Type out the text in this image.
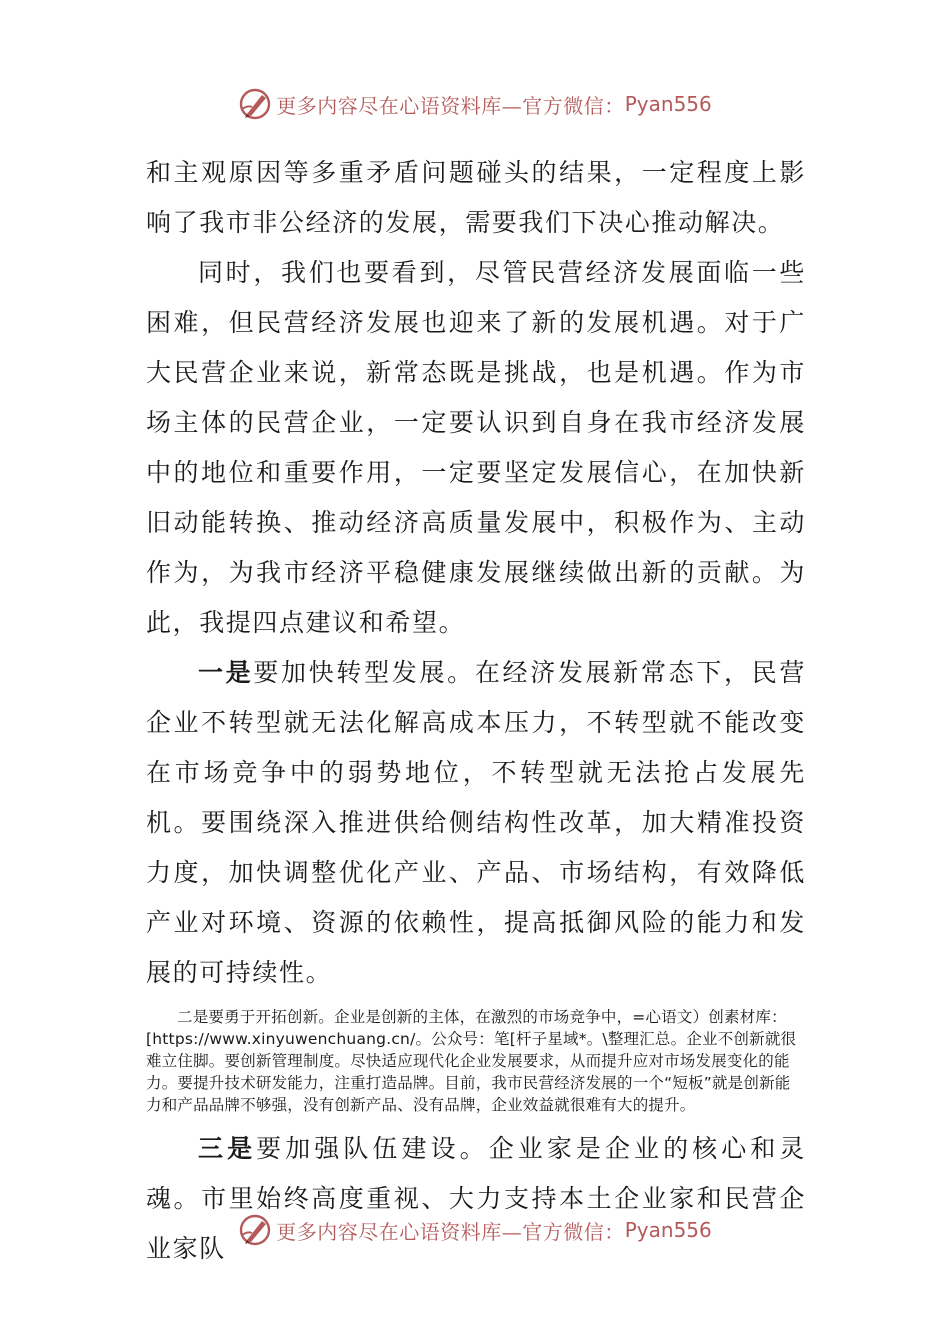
更多内容尽在心语资料库—官方微信： Pyan556

和主观原因等多重矛盾问题碰头的结果，一定程度上影响了我市非公经济的发展，需要我们下决心推动解决。

同时，我们也要看到，尽管民营经济发展面临一些困难，但民营经济发展也迎来了新的发展机遇。对于广大民营企业来说，新常态既是挑战，也是机遇。作为市场主体的民营企业，一定要认识到自身在我市经济发展中的地位和重要作用，一定要坚定发展信心，在加快新旧动能转换、推动经济高质量发展中，积极作为、主动作为，为我市经济平稳健康发展继续做出新的贡献。为此，我提四点建议和希望。

一是要加快转型发展。在经济发展新常态下，民营企业不转型就无法化解高成本压力，不转型就不能改变在市场竞争中的弱势地位，不转型就无法抢占发展先机。要围绕深入推进供给侧结构性改革，加大精准投资力度，加快调整优化产业、产品、市场结构，有效降低产业对环境、资源的依赖性，提高抵御风险的能力和发展的可持续性。

二是要勇于开拓创新。企业是创新的主体，在激烈的市场竞争中，=心语文）创素材库：[https://www.xinyuwenchuang.cn/。公众号：笔[杆子星域*。\整理汇总。企业不创新就很难立住脚。要创新管理制度。尽快适应现代化企业发展要求，从而提升应对市场发展变化的能力。要提升技术研发能力，注重打造品牌。目前，我市民营经济发展的一个“短板”就是创新能力和产品品牌不够强，没有创新产品、没有品牌，企业效益就很难有大的提升。

三是要加强队伍建设。企业家是企业的核心和灵魂。市里始终高度重视、大力支持本土企业家和民营企业家队

更多内容尽在心语资料库—官方微信： Pyan556
